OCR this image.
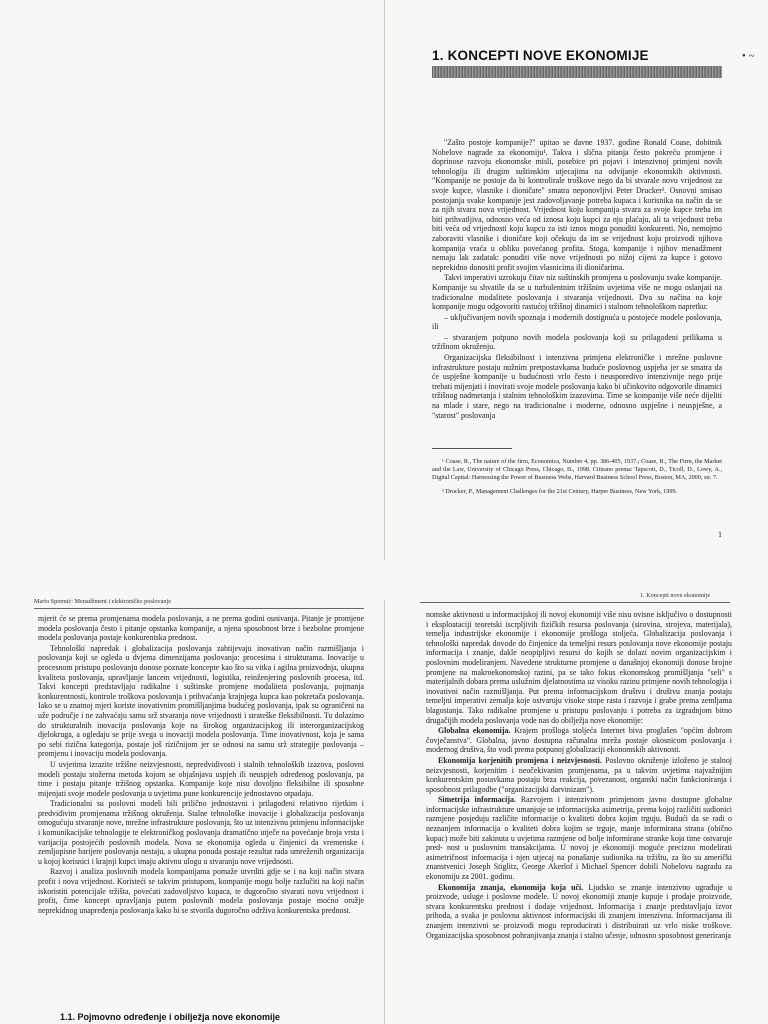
1. KONCEPTI NOVE EKONOMIJE	• ~

"Zašto postoje kompanije?" upitao se davne 1937. godine Ronald Coase, dobitnik Nobelove nagrade za ekonomiju¹. Takva i slična pitanja često pokreću promjene i doprinose razvoju ekonomske misli, posebice pri pojavi i intenzivnoj primjeni novih tehnologija ili drugim suštinskim utjecajima na odvijanje ekonomskih aktivnosti. "Kompanije ne postoje da bi kontrolirale troškove nego da bi stvarale novu vrijednost za svoje kupce, vlasnike i dioničare" smatra neponovljivi Peter Drucker². Osnovni smisao postojanja svake kompanije jest zadovoljavanje potreba kupaca i korisnika na način da se za njih stvara nova vrijednost. Vrijednost koju kompanija stvara za svoje kupce treba im biti prihvatljiva, odnosno veća od iznosa koju kupci za nju plaćaju, ali ta vrijednost treba biti veća od vrijednosti koju kupcu za isti iznos mogu ponuditi konkurenti. No, nemojmo zaboraviti vlasnike i dioničare koji očekuju da im se vrijednost koju proizvodi njihova kompanija vraća u obliku povećanog profita. Stoga, kompanije i njihov menadžment nemaju lak zadatak: ponuditi više nove vrijednosti po nižoj cijeni za kupce i gotovo neprekidno donositi profit svojim vlasnicima ili dioničarima.

Takvi imperativi uzrokuju čitav niz suštinskih promjena u poslovanju svake kompanije. Kompanije su shvatile da se u turbulentnim tržišnim uvjetima više ne mogu oslanjati na tradicionalne modalitete poslovanja i stvaranja vrijednosti. Dva su načina na koje kompanije mogu odgovoriti rastućoj tržišnoj dinamici i stalnom tehnološkom napretku:

– uključivanjem novih spoznaja i modernih dostignuća u postojeće modele poslovanja, ili

– stvaranjem potpuno novih modela poslovanja koji su prilagođeni prilikama u tržišnom okruženju.

Organizacijska fleksibilnost i intenzivna primjena elektroničke i mrežne poslovne infrastrukture postaju nužnim pretpostavkama buduće poslovnog uspjeha jer se smatra da će uspješne kompanije u budućnosti vrlo često i neusporedivo intenzivnije nego prije trebati mijenjati i inovirati svoje modele poslovanja kako bi učinkovito odgovorile dinamici tržišnog nadmetanja i stalnim tehnološkim izazovima. Time se kompanije više neće dijeliti na mlade i stare, nego na tradicionalne i moderne, odnosno uspješne i neuspješne, a "starost" poslovanja

¹ Coase, R., The nature of the firm, Economica, Number 4, pp. 386-405, 1937.; Coase, R., The Firm, the Market and the Law, University of Chicago Press, Chicago, IL, 1998. Citirano prema: Tapscott, D., Ticoll, D., Lowy, A., Digital Capital: Harnessing the Power of Business Webs, Harvard Business School Press, Boston, MA, 2000, str. 7.

² Drucker, P., Management Challenges for the 21st Century, Harper Business, New York, 1999.

1
Mario Spremić: Menadžment i elektroničko poslovanje

mjerit će se prema promjenama modela poslovanja, a ne prema godini osnivanja. Pitanje je promjene modela poslovanja često i pitanje opstanka kompanije, a njena sposobnost brze i bezbolne promjene modela poslovanja postaje konkurentska prednost.

Tehnološki napredak i globalizacija poslovanja zahtijevaju inovativan način razmišljanja i poslovanja koji se ogleda u dvjema dimenzijama poslovanja: procesima i strukturama. Inovacije u procesnom pristupu poslovanju donose poznate koncepte kao što su vitka i agilna proizvodnja, ukupna kvaliteta poslovanja, upravljanje lancem vrijednosti, logistika, reinženjering poslovnih procesa, itd. Takvi koncepti predstavljaju radikalne i suštinske promjene modaliteta poslovanja, pojmanja konkurentnosti, kontrole troškova poslovanja i prihvaćanja krajnjega kupca kao pokretača poslovanja. Iako se u znatnoj mjeri koriste inovativnim promišljanjima budućeg poslovanja, ipak su ograničeni na uže područje i ne zahvaćaju samu srž stvaranja nove vrijednosti i strateške fleksibilnosti. Tu dolazimo do strukturalnih inovacija poslovanja koje na širokog organizacijskog ili interorganizacijskog djelokruga, a ogledaju se prije svega u inovaciji modela poslovanja. Time inovativnost, koja je sama po sebi rizična kategorija, postaje još rizičnijom jer se odnosi na samu srž strategije poslovanja – promjenu i inovaciju modela poslovanja.

U uvjetima izrazite tržišne neizvjesnosti, nepredvidivosti i stalnih tehnoloških izazova, poslovni modeli postaju stožerna metoda kojom se objašnjava uspjeh ili neuspjeh određenog poslovanja, pa time i postaju pitanje tržišnog opstanka. Kompanije koje nisu dovoljno fleksibilne ili sposobne mijenjati svoje modele poslovanja u uvjetima pune konkurencije jednostavno otpadaju.

Tradicionalni su poslovni modeli bili prilično jednostavni i prilagođeni relativno rijetkim i predvidivim promjenama tržišnog okruženja. Stalne tehnološke inovacije i globalizacija poslovanja omogućuju stvaranje nove, mrežne infrastrukture poslovanja, što uz intenzivnu primjenu informacijske i komunikacijske tehnologije te elektroničkog poslovanja dramatično utječe na povećanje broja vrsta i varijacija postojećih poslovnih modela. Nova se ekonomija ogleda u činjenici da vremenske i zemljopisne barijere poslovanja nestaju, a ukupna ponuda postaje rezultat rada umreženih organizacija u kojoj korisnici i krajnji kupci imaju aktivnu ulogu u stvaranju nove vrijednosti.

Razvoj i analiza poslovnih modela kompanijama pomaže utvrditi gdje se i na koji način stvara profit i nova vrijednost. Koristeći se takvim pristupom, kompanije mogu bolje razlučiti na koji način iskoristiti potencijale tržišta, povećati zadovoljstvo kupaca, te dugoročno stvarati novu vrijednost i profit, čime koncept upravljanja putem poslovnih modela poslovanja postaje moćno oružje neprekidnog unapređenja poslovanja kako bi se stvorila dugoročno održiva konkurentska prednost.

1.1. Pojmovno određenje i obilježja nove ekonomije
1. Koncepti nove ekonomije

nomske aktivnosti u informacijskoj ili novoj ekonomiji više nisu ovisne isključivo o dostupnosti i eksploataciji teoretski iscrpljivih fizičkih resursa poslovanja (sirovina, strojeva, materijala), temelja industrijske ekonomije i ekonomije prošloga stoljeća. Globalizacija poslovanja i tehnološki napredak dovode do činjenice da temeljni resurs poslovanja nove ekonomije postaju informacija i znanje, dakle neopipljivi resursi do kojih se dolazi novim organizacijskim i poslovnim modeliranjem. Navedene strukturne promjene u današnjoj ekonomiji donose brojne promjene na makroekonomskoj razini, pa se tako fokus ekonomskog promišljanja "seli" s materijalnih dobara prema uslužnim djelatnostima uz visoku razinu primjene novih tehnologija i inovativni način razmišljanja. Put prema informacijskom društvu i društvu znanja postaju temeljni imperativi zemalja koje ostvaruju visoke stope rasta i razvoja i grabe prema zemljama blagostanja. Tako radikalne promjene u pristupu poslovanju i potreba za izgradnjom bitno drugačijih modela poslovanja vode nas do obilježja nove ekonomije:

Globalna ekonomija. Krajem prošloga stoljeća Internet biva proglašen "općim dobrom čovječanstva". Globalna, javno dostupna računalna mreža postaje okosnicom poslovanja i modernog društva, što vodi prema potpunoj globalizaciji ekonomskih aktivnosti.

Ekonomija korjenitih promjena i neizvjesnosti. Poslovno okruženje izloženo je stalnoj neizvjesnosti, korjenitim i neočekivanim promjenama, pa u takvim uvjetima najvažnijim konkurentskim postavkama postaju brza reakcija, povezanost, organski način funkcioniranja i sposobnost prilagodbe ("organizacijski darvinizam").

Simetrija informacija. Razvojem i intenzivnom primjenom javno dostupne globalne informacijske infrastrukture umanjuje se informacijska asimetrija, prema kojoj različiti sudionici razmjene posjeduju različite informacije o kvaliteti dobra kojim trguju. Budući da se radi o neznanjem informacija o kvaliteti dobra kojim se trguje, manje informirana strana (obično kupac) može biti zakinuta u uvjetima razmjene od bolje informirane stranke koja time ostvaruje pred- nost u poslovnim transakcijama. U novoj je ekonomiji moguće precizno modelirati asimetričnost informacija i njen utjecaj na ponašanje sudionika na tržištu, za što su američki znanstvenici Joseph Stiglitz, George Akerlof i Michael Spencer dobili Nobelovu nagradu za ekonomiju za 2001. godinu.

Ekonomija znanja, ekonomija koja uči. Ljudsko se znanje intenzivno ugrađuje u proizvode, usluge i poslovne modele. U novoj ekonomiji znanje kupuje i prodaje proizvode, stvara konkurentsku prednost i dodaje vrijednost. Informacija i znanje predstavljaju izvor prihoda, a svaka je poslovna aktivnost informacijski ili znanjem intenzivna. Informacijama ili znanjem intenzivni se proizvodi mogu reproducirati i distribuirati uz vrlo niske troškove. Organizacijska sposobnost pohranjivanja znanja i stalno učenje, odnosno sposobnost generiranja
